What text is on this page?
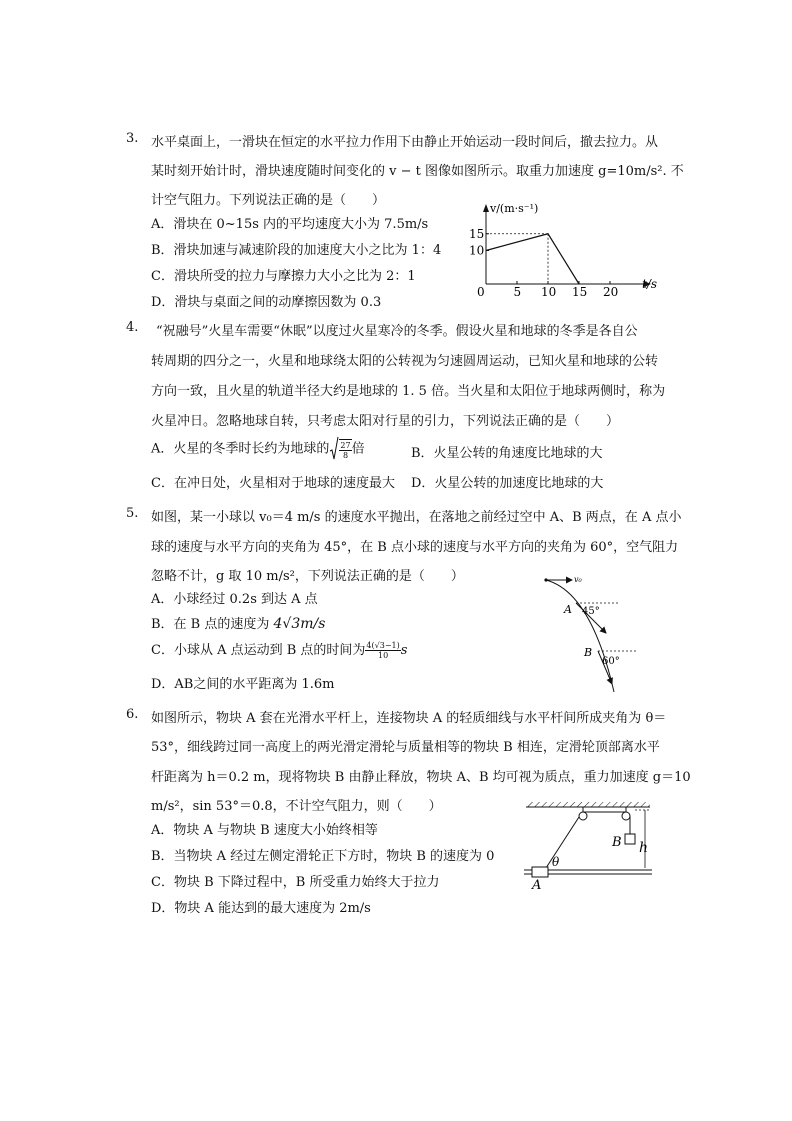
3. 水平桌面上，一滑块在恒定的水平拉力作用下由静止开始运动一段时间后，撤去拉力。从
某时刻开始计时，滑块速度随时间变化的 v − t 图像如图所示。取重力加速度 g=10m/s². 不
计空气阻力。下列说法正确的是（　　）
A．滑块在 0~15s 内的平均速度大小为 7.5m/s
B．滑块加速与减速阶段的加速度大小之比为 1：4
C．滑块所受的拉力与摩擦力大小之比为 2：1
D．滑块与桌面之间的动摩擦因数为 0.3
0 5 10 15 20
10
15
v/(m·s⁻¹)
t/s
4. “祝融号”火星车需要“休眠”以度过火星寒冷的冬季。假设火星和地球的冬季是各自公
转周期的四分之一，火星和地球绕太阳的公转视为匀速圆周运动，已知火星和地球的公转
方向一致，且火星的轨道半径大约是地球的 1. 5 倍。当火星和太阳位于地球两侧时，称为
火星冲日。忽略地球自转，只考虑太阳对行星的引力，下列说法正确的是（　　）
A．火星的冬季时长约为地球的 $\frac{27}{8}$ 倍	B．火星公转的角速度比地球的大
C．在冲日处，火星相对于地球的速度最大 D．火星公转的加速度比地球的大
5. 如图，某一小球以 v₀＝4 m/s 的速度水平抛出，在落地之前经过空中 A、B 两点，在 A 点小
球的速度与水平方向的夹角为 45°，在 B 点小球的速度与水平方向的夹角为 60°，空气阻力
忽略不计，g 取 10 m/s²，下列说法正确的是（　　）
A．小球经过 0.2s 到达 A 点
B．在 B 点的速度为 4√3m/s
C．小球从 A 点运动到 B 点的时间为 $\frac{4(√3-1)}{10}$ s
D．AB之间的水平距离为 1.6m
v₀
A 45°
B
60°
6. 如图所示，物块 A 套在光滑水平杆上，连接物块 A 的轻质细线与水平杆间所成夹角为 θ＝
53°，细线跨过同一高度上的两光滑定滑轮与质量相等的物块 B 相连，定滑轮顶部离水平
杆距离为 h＝0.2 m，现将物块 B 由静止释放，物块 A、B 均可视为质点，重力加速度 g＝10
m/s²，sin 53°＝0.8，不计空气阻力，则（　　）
A．物块 A 与物块 B 速度大小始终相等
B．当物块 A 经过左侧定滑轮正下方时，物块 B 的速度为 0
C．物块 B 下降过程中，B 所受重力始终大于拉力
D．物块 A 能达到的最大速度为 2m/s
B h
A
θ
